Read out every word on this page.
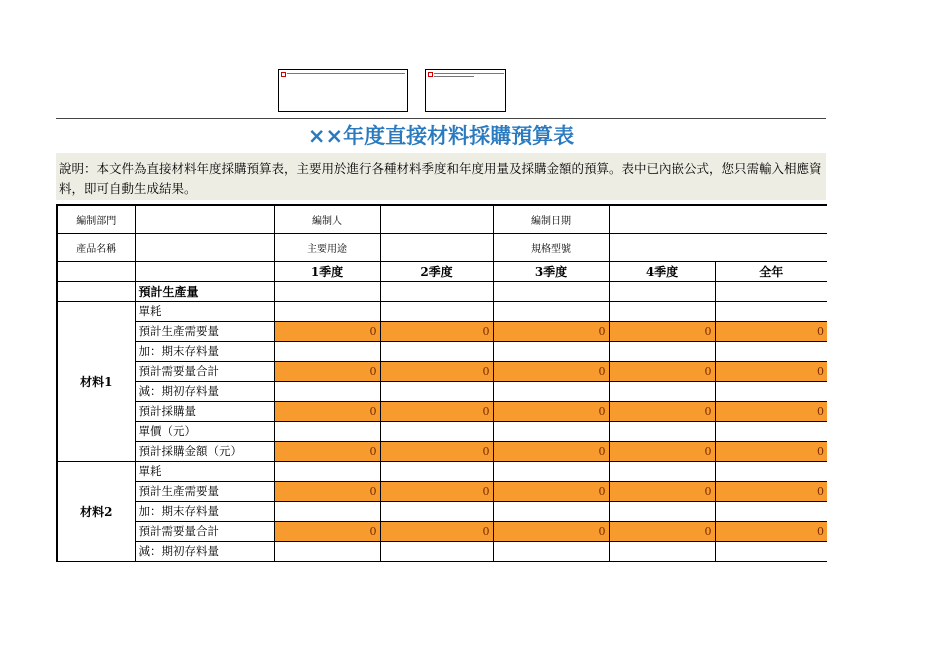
××年度直接材料採購預算表
說明：本文件為直接材料年度採購預算表，主要用於進行各種材料季度和年度用量及採購金額的預算。表中已內嵌公式，您只需輸入相應資料，即可自動生成結果。
編制部門		編制人		編制日期		
產品名稱		主要用途		規格型號		
		1季度	2季度	3季度	4季度	全年
	預計生產量					
材料1	單耗					
	預計生產需要量	0	0	0	0	0
	加：期末存料量					
	預計需要量合計	0	0	0	0	0
	減：期初存料量					
	預計採購量	0	0	0	0	0
	單價（元）					
	預計採購金額（元）	0	0	0	0	0
材料2	單耗					
	預計生產需要量	0	0	0	0	0
	加：期末存料量					
	預計需要量合計	0	0	0	0	0
	減：期初存料量					
